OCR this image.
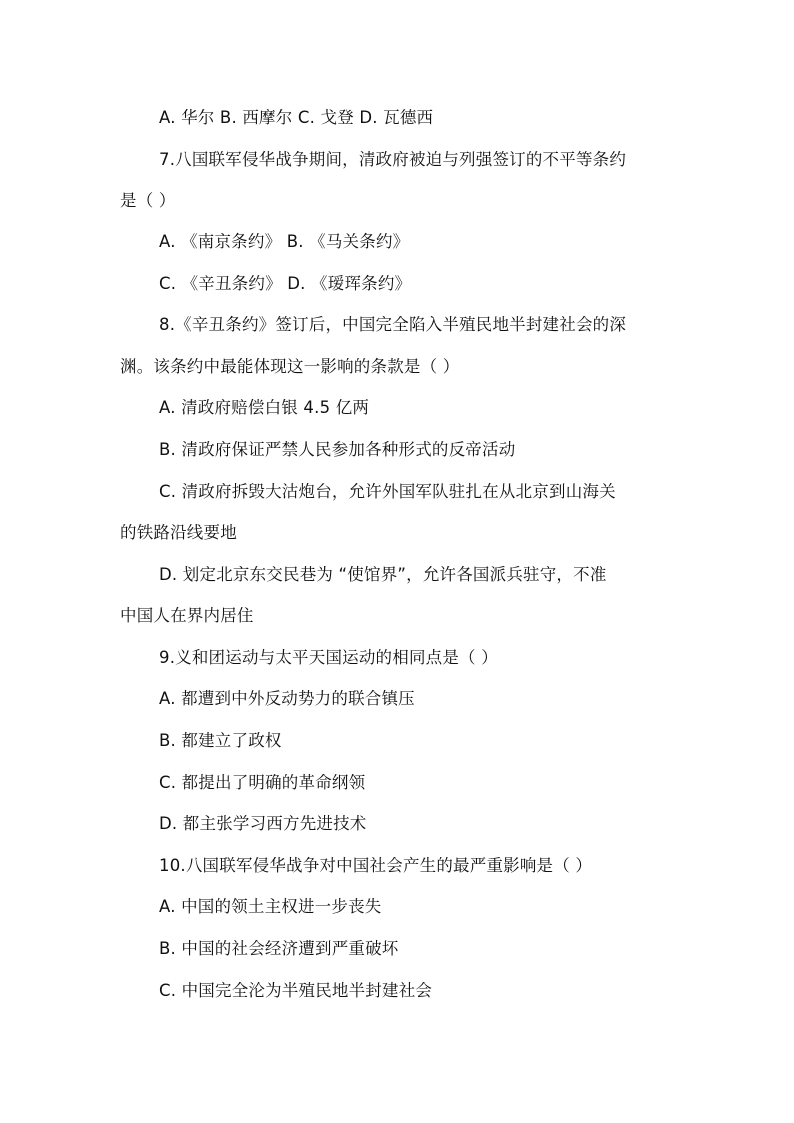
A. 华尔 B. 西摩尔 C. 戈登 D. 瓦德西
7.八国联军侵华战争期间，清政府被迫与列强签订的不平等条约
是（ ）
A. 《南京条约》 B. 《马关条约》
C. 《辛丑条约》 D. 《瑷珲条约》
8.《辛丑条约》签订后，中国完全陷入半殖民地半封建社会的深
渊。该条约中最能体现这一影响的条款是（ ）
A. 清政府赔偿白银 4.5 亿两
B. 清政府保证严禁人民参加各种形式的反帝活动
C. 清政府拆毁大沽炮台，允许外国军队驻扎在从北京到山海关
的铁路沿线要地
D. 划定北京东交民巷为 “使馆界”，允许各国派兵驻守，不准
中国人在界内居住
9.义和团运动与太平天国运动的相同点是（ ）
A. 都遭到中外反动势力的联合镇压
B. 都建立了政权
C. 都提出了明确的革命纲领
D. 都主张学习西方先进技术
10.八国联军侵华战争对中国社会产生的最严重影响是（ ）
A. 中国的领土主权进一步丧失
B. 中国的社会经济遭到严重破坏
C. 中国完全沦为半殖民地半封建社会
